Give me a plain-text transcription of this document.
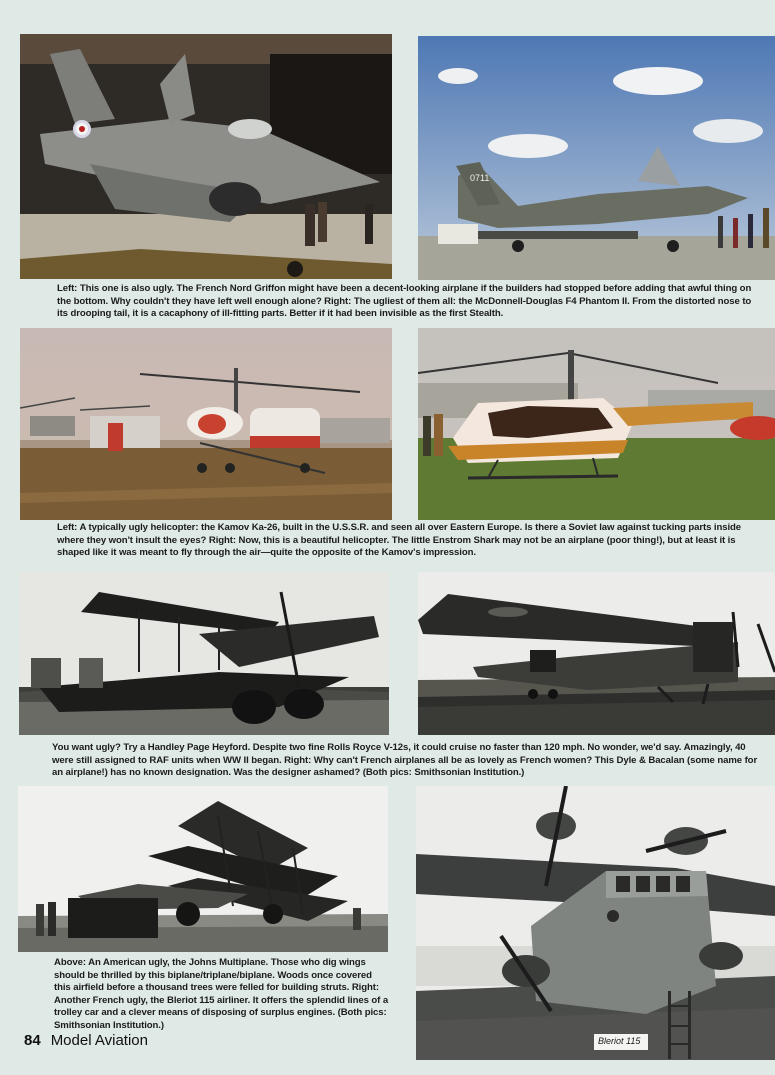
0711

Left: This one is also ugly. The French Nord Griffon might have been a decent-looking airplane if the builders had stopped before adding that awful thing on the bottom. Why couldn't they have left well enough alone? Right: The ugliest of them all: the McDonnell-Douglas F4 Phantom II. From the distorted nose to its drooping tail, it is a cacaphony of ill-fitting parts. Better if it had been invisible as the first Stealth.

Left: A typically ugly helicopter: the Kamov Ka-26, built in the U.S.S.R. and seen all over Eastern Europe. Is there a Soviet law against tucking parts inside where they won't insult the eyes? Right: Now, this is a beautiful helicopter. The little Enstrom Shark may not be an airplane (poor thing!), but at least it is shaped like it was meant to fly through the air—quite the opposite of the Kamov's impression.

You want ugly? Try a Handley Page Heyford. Despite two fine Rolls Royce V-12s, it could cruise no faster than 120 mph. No wonder, we'd say. Amazingly, 40 were still assigned to RAF units when WW II began. Right: Why can't French airplanes all be as lovely as French women? This Dyle & Bacalan (some name for an airplane!) has no known designation. Was the designer ashamed? (Both pics: Smithsonian Institution.)

Above: An American ugly, the Johns Multiplane. Those who dig wings should be thrilled by this biplane/triplane/biplane. Woods once covered this airfield before a thousand trees were felled for building struts. Right: Another French ugly, the Bleriot 115 airliner. It offers the splendid lines of a trolley car and a clever means of disposing of surplus engines. (Both pics: Smithsonian Institution.)

Bleriot 115
84 Model Aviation
